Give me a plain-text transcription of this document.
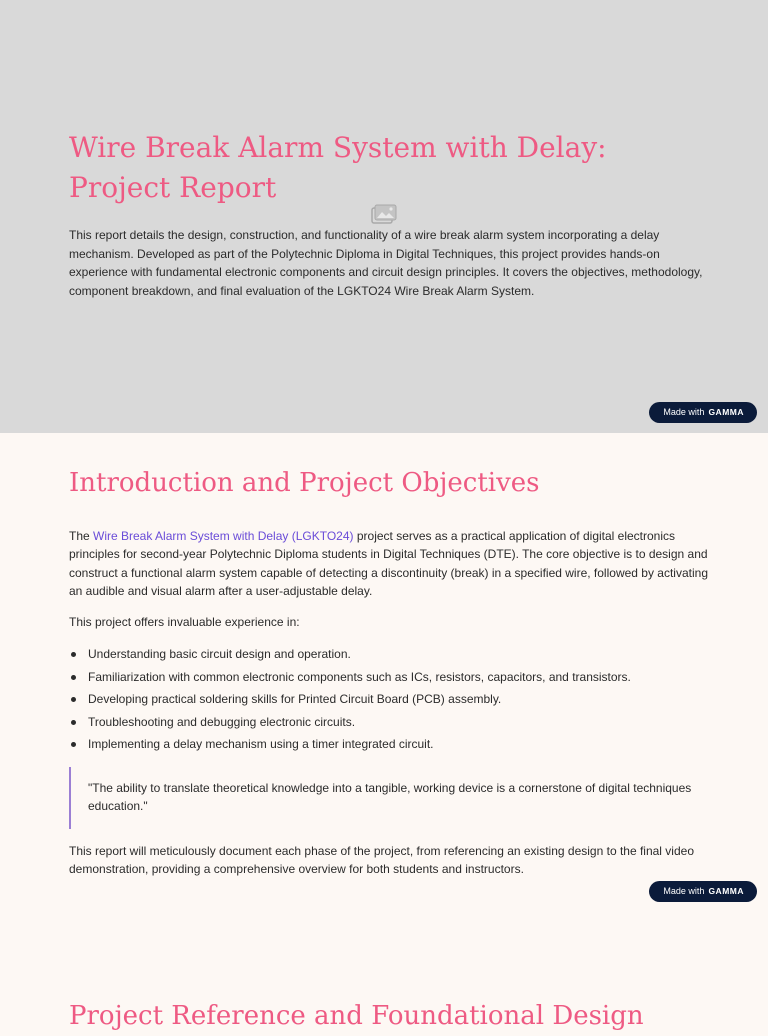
Wire Break Alarm System with Delay: Project Report

This report details the design, construction, and functionality of a wire break alarm system incorporating a delay mechanism. Developed as part of the Polytechnic Diploma in Digital Techniques, this project provides hands-on experience with fundamental electronic components and circuit design principles. It covers the objectives, methodology, component breakdown, and final evaluation of the LGKTO24 Wire Break Alarm System.

Made with GAMMA
Introduction and Project Objectives

The Wire Break Alarm System with Delay (LGKTO24) project serves as a practical application of digital electronics principles for second-year Polytechnic Diploma students in Digital Techniques (DTE). The core objective is to design and construct a functional alarm system capable of detecting a discontinuity (break) in a specified wire, followed by activating an audible and visual alarm after a user-adjustable delay.

This project offers invaluable experience in:

Understanding basic circuit design and operation.
Familiarization with common electronic components such as ICs, resistors, capacitors, and transistors.
Developing practical soldering skills for Printed Circuit Board (PCB) assembly.
Troubleshooting and debugging electronic circuits.
Implementing a delay mechanism using a timer integrated circuit.
"The ability to translate theoretical knowledge into a tangible, working device is a cornerstone of digital techniques education."

This report will meticulously document each phase of the project, from referencing an existing design to the final video demonstration, providing a comprehensive overview for both students and instructors.

Made with GAMMA
Project Reference and Foundational Design
